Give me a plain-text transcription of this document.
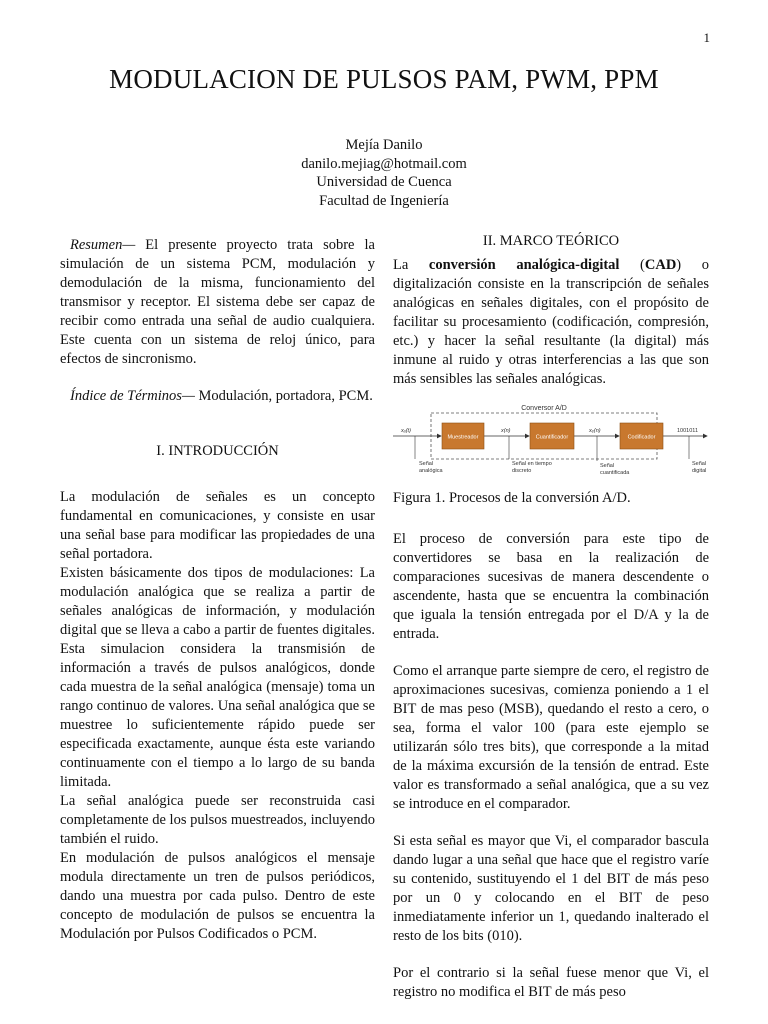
1
MODULACION DE PULSOS PAM, PWM, PPM
Mejía Danilo
danilo.mejiag@hotmail.com
Universidad de Cuenca
Facultad de Ingeniería

Resumen— El presente proyecto trata sobre la simulación de un sistema PCM, modulación y demodulación de la misma, funcionamiento del transmisor y receptor. El sistema debe ser capaz de recibir como entrada una señal de audio cualquiera. Este cuenta con un sistema de reloj único, para efectos de sincronismo.

Índice de Términos— Modulación, portadora, PCM.

I. INTRODUCCIÓN

La modulación de señales es un concepto fundamental en comunicaciones, y consiste en usar una señal base para modificar las propiedades de una señal portadora.

Existen básicamente dos tipos de modulaciones: La modulación analógica que se realiza a partir de señales analógicas de información, y modulación digital que se lleva a cabo a partir de fuentes digitales. Esta simulacion considera la transmisión de información a través de pulsos analógicos, donde cada muestra de la señal analógica (mensaje) toma un rango continuo de valores. Una señal analógica que se muestree lo suficientemente rápido puede ser especificada exactamente, aunque ésta este variando continuamente con el tiempo a lo largo de su banda limitada.

La señal analógica puede ser reconstruida casi completamente de los pulsos muestreados, incluyendo también el ruido.

En modulación de pulsos analógicos el mensaje modula directamente un tren de pulsos periódicos, dando una muestra por cada pulso. Dentro de este concepto de modulación de pulsos se encuentra la Modulación por Pulsos Codificados o PCM.

II. MARCO TEÓRICO

La conversión analógica-digital (CAD) o digitalización consiste en la transcripción de señales analógicas en señales digitales, con el propósito de facilitar su procesamiento (codificación, compresión, etc.) y hacer la señal resultante (la digital) más inmune al ruido y otras interferencias a las que son más sensibles las señales analógicas.

Conversor A/D
Muestreador	Cuantificador	Codificador
xₐ(t)	x(n)	xₑ(n)	1001011
Señal analógica
Señal en tiempo discreto
Señal cuantificada
Señal digital

Figura 1. Procesos de la conversión A/D.

El proceso de conversión para este tipo de convertidores se basa en la realización de comparaciones sucesivas de manera descendente o ascendente, hasta que se encuentra la combinación que iguala la tensión entregada por el D/A y la de entrada.

Como el arranque parte siempre de cero, el registro de aproximaciones sucesivas, comienza poniendo a 1 el BIT de mas peso (MSB), quedando el resto a cero, o sea, forma el valor 100 (para este ejemplo se utilizarán sólo tres bits), que corresponde a la mitad de la máxima excursión de la tensión de entrad. Este valor es transformado a señal analógica, que a su vez se introduce en el comparador.

Si esta señal es mayor que Vi, el comparador bascula dando lugar a una señal que hace que el registro varíe su contenido, sustituyendo el 1 del BIT de más peso por un 0 y colocando en el BIT de peso inmediatamente inferior un 1, quedando inalterado el resto de los bits (010).

Por el contrario si la señal fuese menor que Vi, el registro no modifica el BIT de más peso
